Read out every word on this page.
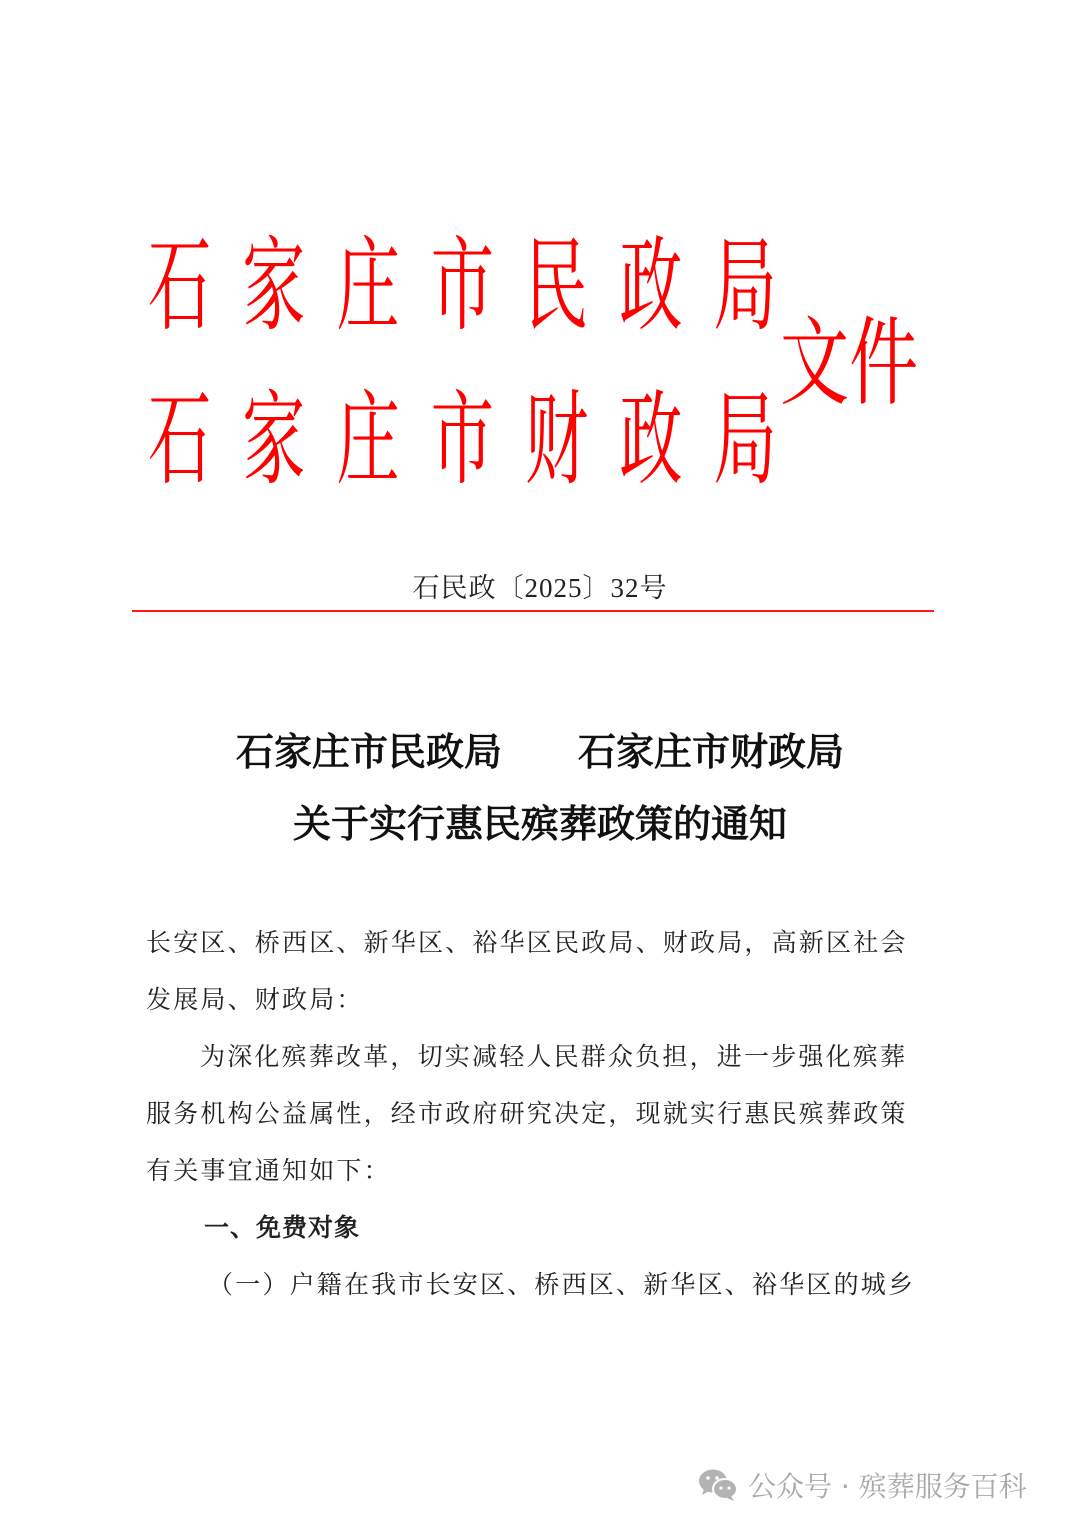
石家庄市民政局
石家庄市财政局
文件
石民政〔2025〕32号
石家庄市民政局　　石家庄市财政局
关于实行惠民殡葬政策的通知
长安区、桥西区、新华区、裕华区民政局、财政局，高新区社会
发展局、财政局：
为深化殡葬改革，切实减轻人民群众负担，进一步强化殡葬
服务机构公益属性，经市政府研究决定，现就实行惠民殡葬政策
有关事宜通知如下：
一、免费对象
（一）户籍在我市长安区、桥西区、新华区、裕华区的城乡
公众号 · 殡葬服务百科
